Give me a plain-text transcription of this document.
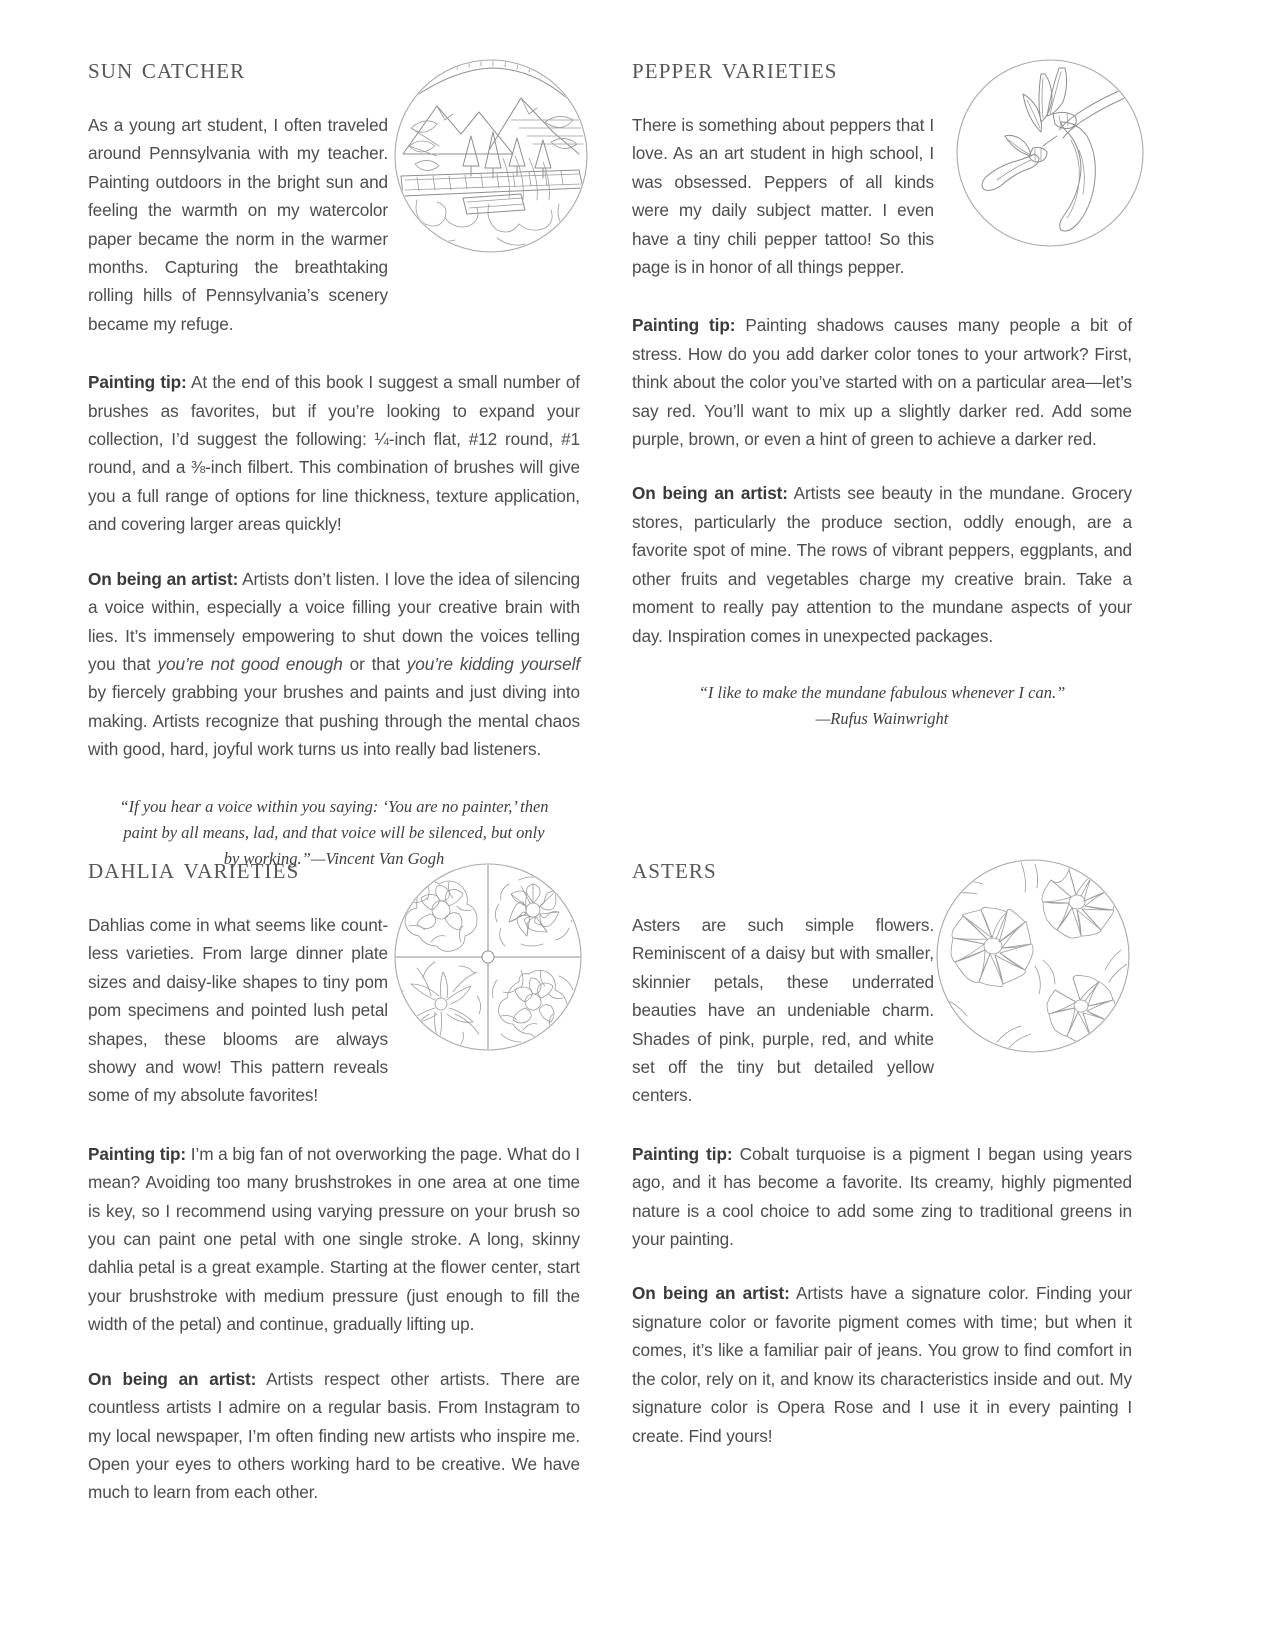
sun catcher

As a young art student, I often traveled around Pennsylvania with my teacher. Painting outdoors in the bright sun and feeling the warmth on my watercolor paper became the norm in the warmer months. Capturing the breathtaking rolling hills of Pennsylvania’s scenery became my refuge.

Painting tip: At the end of this book I suggest a small number of brushes as favorites, but if you’re looking to expand your collection, I’d suggest the following: ¼-inch flat, #12 round, #1 round, and a ⅜-inch filbert. This combination of brushes will give you a full range of options for line thickness, texture application, and covering larger areas quickly!

On being an artist: Artists don’t listen. I love the idea of silencing a voice within, especially a voice filling your creative brain with lies. It’s immensely empowering to shut down the voices telling you that you’re not good enough or that you’re kidding yourself by fiercely grabbing your brushes and paints and just diving into making. Artists recognize that pushing through the mental chaos with good, hard, joyful work turns us into really bad listeners.

“If you hear a voice within you saying: ‘You are no painter,’ then paint by all means, lad, and that voice will be silenced, but only by working.”—Vincent Van Gogh
pepper varieties

There is something about peppers that I love. As an art student in high school, I was obsessed. Peppers of all kinds were my daily subject matter. I even have a tiny chili pepper tattoo! So this page is in honor of all things pepper.

Painting tip: Painting shadows causes many people a bit of stress. How do you add darker color tones to your artwork? First, think about the color you’ve started with on a particular area—let’s say red. You’ll want to mix up a slightly darker red. Add some purple, brown, or even a hint of green to achieve a darker red.

On being an artist: Artists see beauty in the mundane. Grocery stores, particularly the produce section, oddly enough, are a favorite spot of mine. The rows of vibrant peppers, eggplants, and other fruits and vegetables charge my creative brain. Take a moment to really pay attention to the mundane aspects of your day. Inspiration comes in unexpected packages.

“I like to make the mundane fabulous whenever I can.”
—Rufus Wainwright
dahlia varieties

Dahlias come in what seems like count-less varieties. From large dinner plate sizes and daisy-like shapes to tiny pom pom specimens and pointed lush petal shapes, these blooms are always showy and wow! This pattern reveals some of my absolute favorites!

Painting tip: I’m a big fan of not overworking the page. What do I mean? Avoiding too many brushstrokes in one area at one time is key, so I recommend using varying pressure on your brush so you can paint one petal with one single stroke. A long, skinny dahlia petal is a great example. Starting at the flower center, start your brushstroke with medium pressure (just enough to fill the width of the petal) and continue, gradually lifting up.

On being an artist: Artists respect other artists. There are countless artists I admire on a regular basis. From Instagram to my local newspaper, I’m often finding new artists who inspire me. Open your eyes to others working hard to be creative. We have much to learn from each other.

asters

Asters are such simple flowers. Reminiscent of a daisy but with smaller, skinnier petals, these underrated beauties have an undeniable charm. Shades of pink, purple, red, and white set off the tiny but detailed yellow centers.

Painting tip: Cobalt turquoise is a pigment I began using years ago, and it has become a favorite. Its creamy, highly pigmented nature is a cool choice to add some zing to traditional greens in your painting.

On being an artist: Artists have a signature color. Finding your signature color or favorite pigment comes with time; but when it comes, it’s like a familiar pair of jeans. You grow to find comfort in the color, rely on it, and know its characteristics inside and out. My signature color is Opera Rose and I use it in every painting I create. Find yours!
